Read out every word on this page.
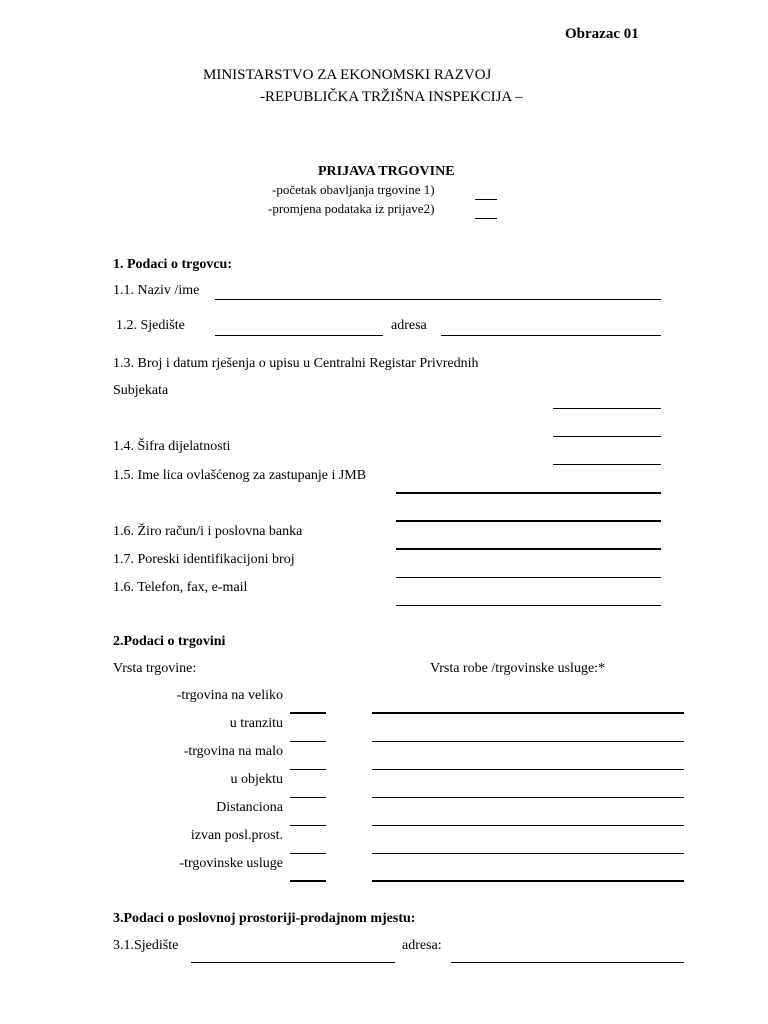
Obrazac 01
MINISTARSTVO ZA EKONOMSKI RAZVOJ
-REPUBLIČKA TRŽIŠNA INSPEKCIJA –
PRIJAVA TRGOVINE
-početak obavljanja trgovine 1)
-promjena podataka iz prijave2)
1. Podaci o trgovcu:
1.1. Naziv /ime
1.2. Sjedište	adresa
1.3. Broj i datum rješenja o upisu u Centralni Registar Privrednih
Subjekata
1.4. Šifra dijelatnosti
1.5. Ime lica ovlašćenog za zastupanje i JMB
1.6. Žiro račun/i i poslovna banka
1.7. Poreski identifikacijoni broj
1.6. Telefon, fax, e-mail
2.Podaci o trgovini
Vrsta trgovine:	Vrsta robe /trgovinske usluge:*
-trgovina na veliko
u tranzitu
-trgovina na malo
u objektu
Distanciona
izvan posl.prost.
-trgovinske usluge
3.Podaci o poslovnoj prostoriji-prodajnom mjestu:
3.1.Sjedište	adresa:
